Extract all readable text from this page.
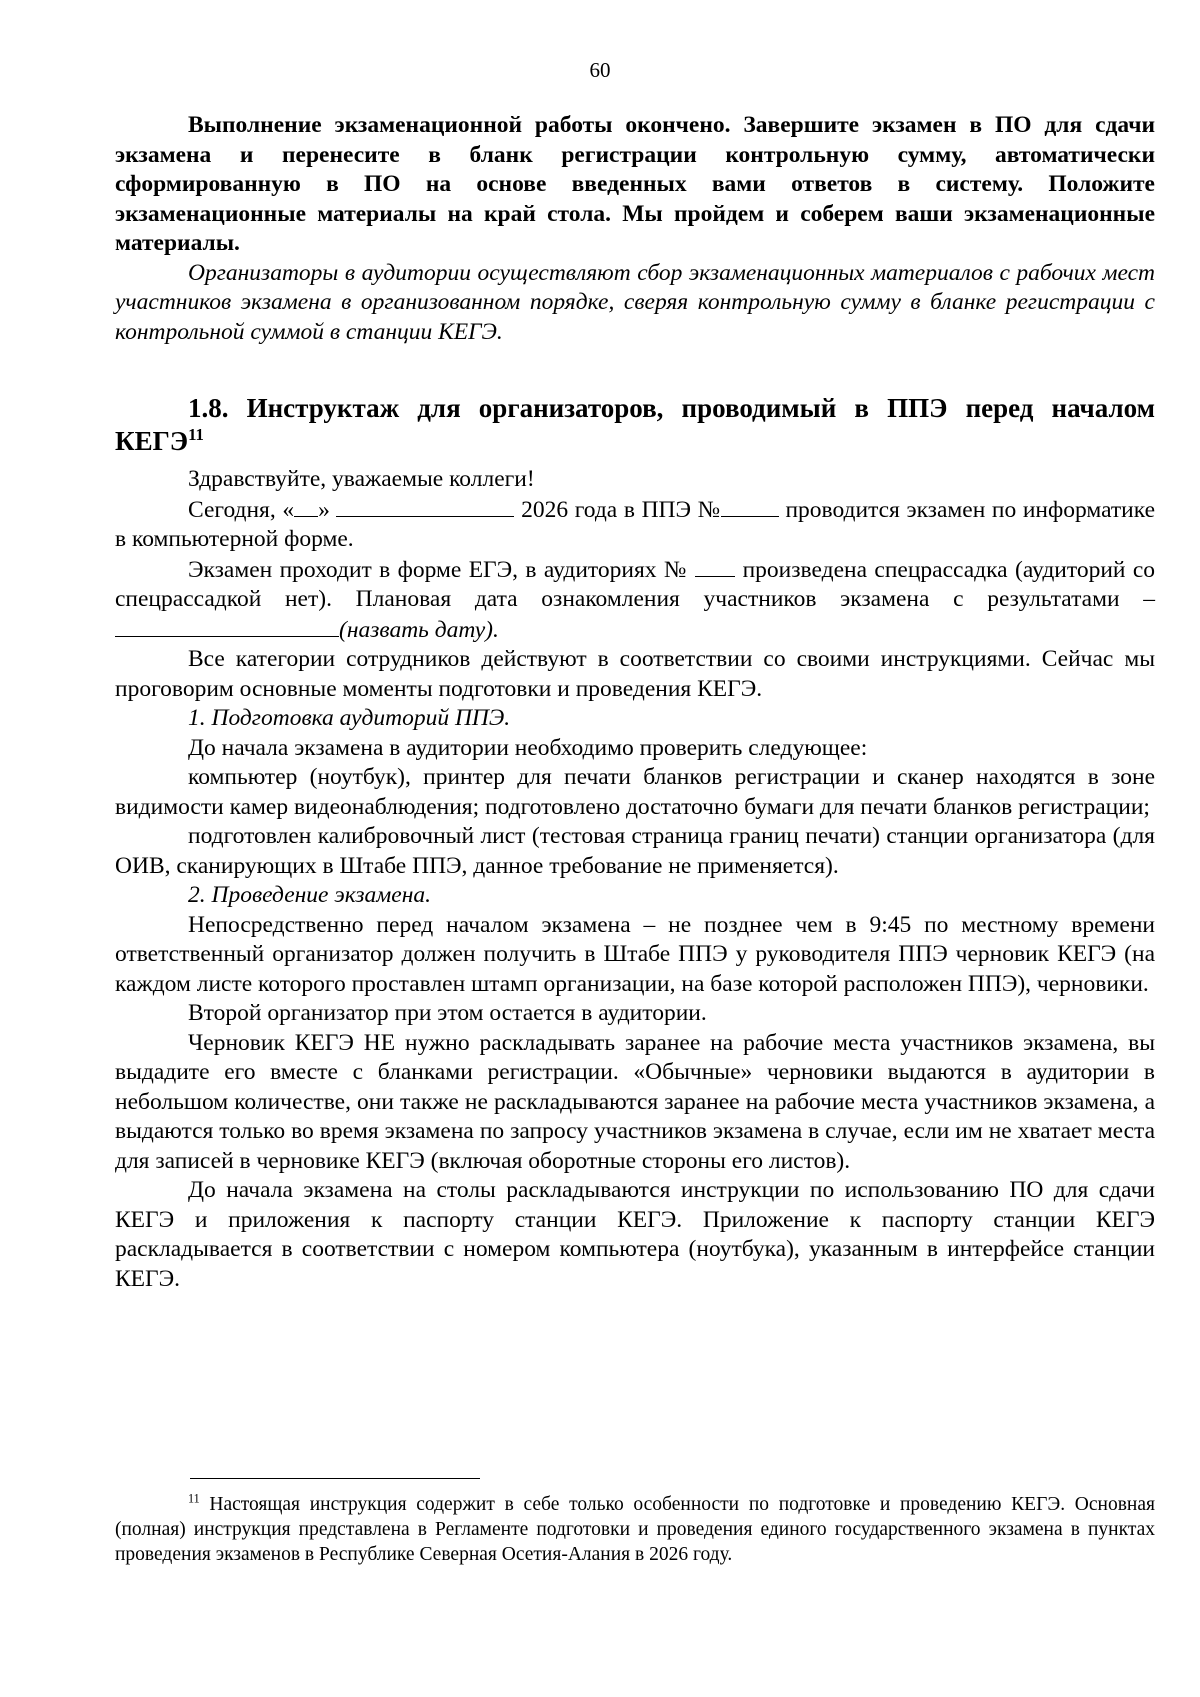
60

Выполнение экзаменационной работы окончено. Завершите экзамен в ПО для сдачи экзамена и перенесите в бланк регистрации контрольную сумму, автоматически сформированную в ПО на основе введенных вами ответов в систему. Положите экзаменационные материалы на край стола. Мы пройдем и соберем ваши экзаменационные материалы.

Организаторы в аудитории осуществляют сбор экзаменационных материалов с рабочих мест участников экзамена в организованном порядке, сверяя контрольную сумму в бланке регистрации с контрольной суммой в станции КЕГЭ.

1.8. Инструктаж для организаторов, проводимый в ППЭ перед началом КЕГЭ$^{11}$

Здравствуйте, уважаемые коллеги!

Сегодня, « »	2026 года в ППЭ №	проводится экзамен по информатике в компьютерной форме.

Экзамен проходит в форме ЕГЭ, в аудиториях № произведена спецрассадка (аудиторий со спецрассадкой нет). Плановая дата ознакомления участников экзамена с результатами – (назвать дату).

Все категории сотрудников действуют в соответствии со своими инструкциями. Сейчас мы проговорим основные моменты подготовки и проведения КЕГЭ.

1. Подготовка аудиторий ППЭ.

До начала экзамена в аудитории необходимо проверить следующее:

компьютер (ноутбук), принтер для печати бланков регистрации и сканер находятся в зоне видимости камер видеонаблюдения; подготовлено достаточно бумаги для печати бланков регистрации;

подготовлен калибровочный лист (тестовая страница границ печати) станции организатора (для ОИВ, сканирующих в Штабе ППЭ, данное требование не применяется).

2. Проведение экзамена.

Непосредственно перед началом экзамена – не позднее чем в 9:45 по местному времени ответственный организатор должен получить в Штабе ППЭ у руководителя ППЭ черновик КЕГЭ (на каждом листе которого проставлен штамп организации, на базе которой расположен ППЭ), черновики.

Второй организатор при этом остается в аудитории.

Черновик КЕГЭ НЕ нужно раскладывать заранее на рабочие места участников экзамена, вы выдадите его вместе с бланками регистрации. «Обычные» черновики выдаются в аудитории в небольшом количестве, они также не раскладываются заранее на рабочие места участников экзамена, а выдаются только во время экзамена по запросу участников экзамена в случае, если им не хватает места для записей в черновике КЕГЭ (включая оборотные стороны его листов).

До начала экзамена на столы раскладываются инструкции по использованию ПО для сдачи КЕГЭ и приложения к паспорту станции КЕГЭ. Приложение к паспорту станции КЕГЭ раскладывается в соответствии с номером компьютера (ноутбука), указанным в интерфейсе станции КЕГЭ.

$^{11}$ Настоящая инструкция содержит в себе только особенности по подготовке и проведению КЕГЭ. Основная (полная) инструкция представлена в Регламенте подготовки и проведения единого государственного экзамена в пунктах проведения экзаменов в Республике Северная Осетия-Алания в 2026 году.
